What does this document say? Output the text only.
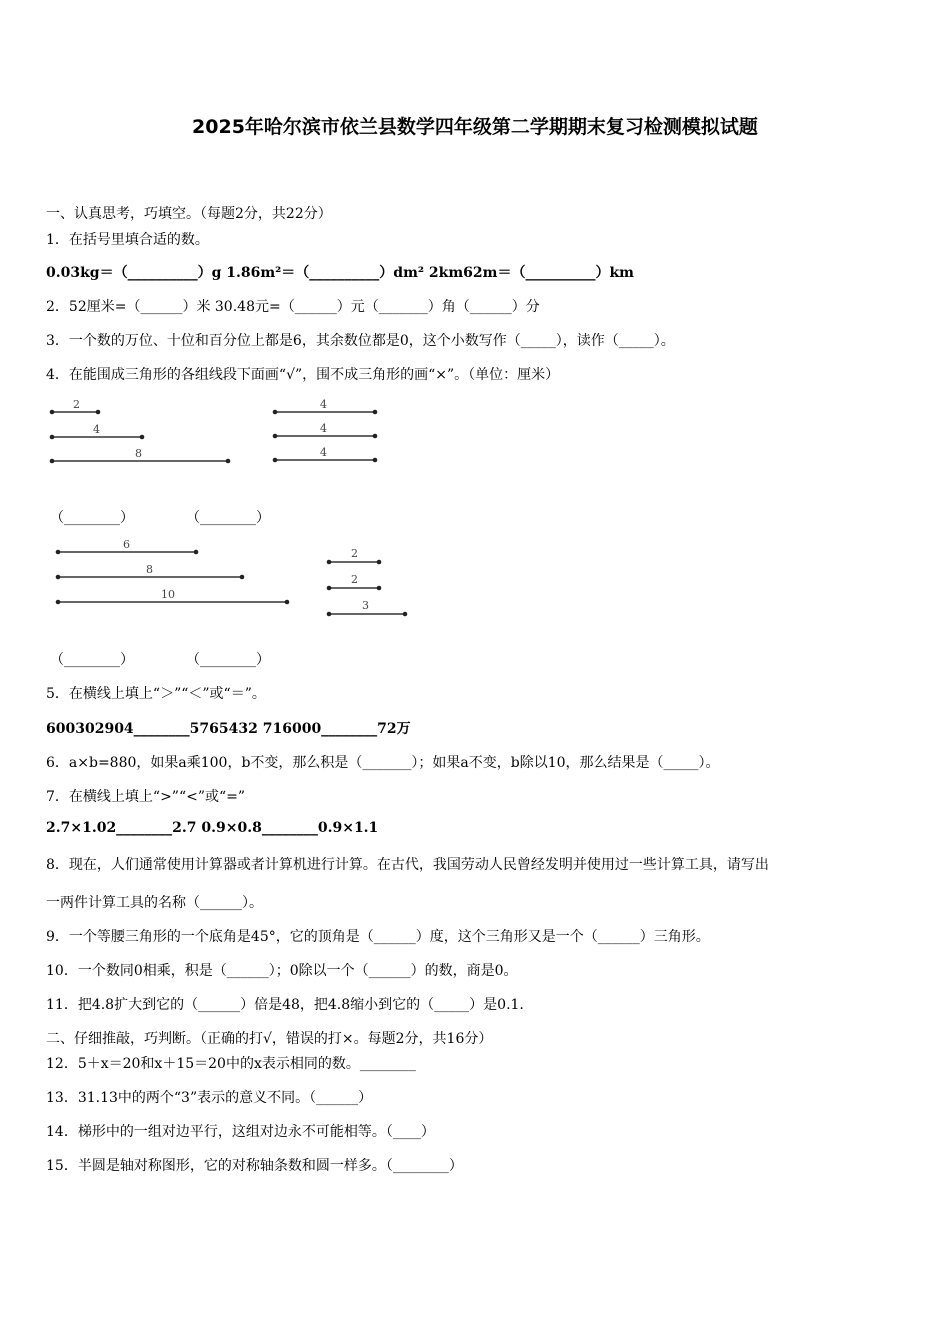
2025年哈尔滨市依兰县数学四年级第二学期期末复习检测模拟试题
一、认真思考，巧填空。（每题2分，共22分）
1．在括号里填合适的数。
0.03kg＝（__________）g 1.86m²＝（__________）dm² 2km62m＝（__________）km
2．52厘米=（______）米 30.48元=（______）元（_______）角（______）分
3．一个数的万位、十位和百分位上都是6，其余数位都是0，这个小数写作（_____），读作（_____）。
4．在能围成三角形的各组线段下面画“√”，围不成三角形的画“×”。（单位：厘米）
2
4
8
4
4
4
（________）	（________）
6
8
10
2
2
3
（________）	（________）
5．在横线上填上“＞”“＜”或“＝”。
600302904________5765432 716000________72万
6．a×b=880，如果a乘100，b不变，那么积是（_______）；如果a不变，b除以10，那么结果是（_____）。
7．在横线上填上“>”“<”或“=”
2.7×1.02________2.7 0.9×0.8________0.9×1.1
8．现在，人们通常使用计算器或者计算机进行计算。在古代，我国劳动人民曾经发明并使用过一些计算工具，请写出
一两件计算工具的名称（______）。
9．一个等腰三角形的一个底角是45°，它的顶角是（______）度，这个三角形又是一个（______）三角形。
10．一个数同0相乘，积是（______）；0除以一个（______）的数，商是0。
11．把4.8扩大到它的（______）倍是48，把4.8缩小到它的（_____）是0.1.
二、仔细推敲，巧判断。（正确的打√，错误的打×。每题2分，共16分）
12．5＋x＝20和x＋15＝20中的x表示相同的数。________
13．31.13中的两个“3”表示的意义不同。（______）
14．梯形中的一组对边平行，这组对边永不可能相等。（____）
15．半圆是轴对称图形，它的对称轴条数和圆一样多。（________）
